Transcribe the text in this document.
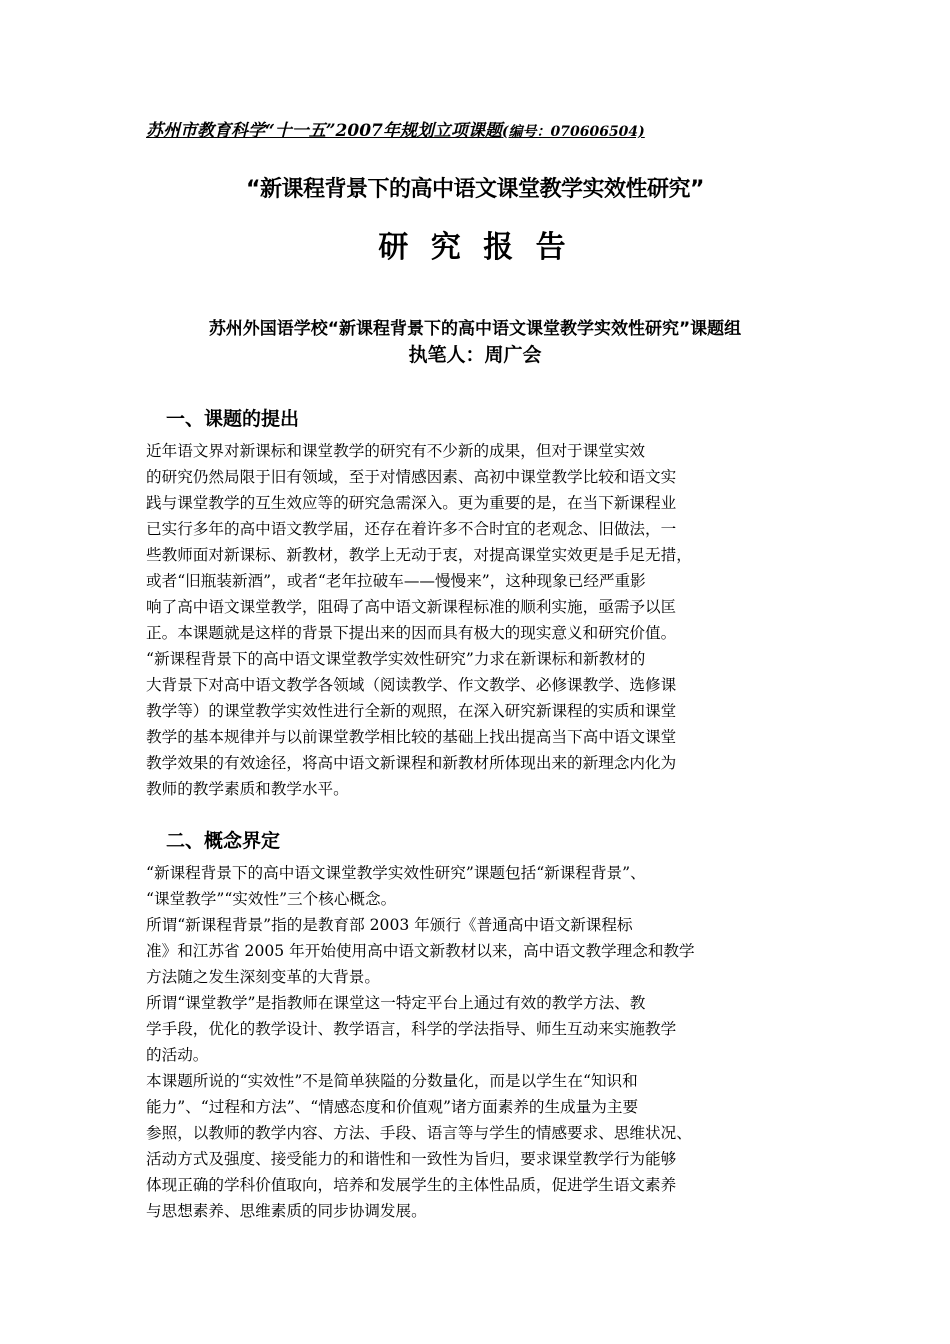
苏州市教育科学“十一五”2007年规划立项课题(编号：070606504)
“新课程背景下的高中语文课堂教学实效性研究”
研 究 报 告
苏州外国语学校“新课程背景下的高中语文课堂教学实效性研究”课题组
执笔人：周广会
一、课题的提出
近年语文界对新课标和课堂教学的研究有不少新的成果，但对于课堂实效
的研究仍然局限于旧有领域，至于对情感因素、高初中课堂教学比较和语文实
践与课堂教学的互生效应等的研究急需深入。更为重要的是，在当下新课程业
已实行多年的高中语文教学届，还存在着许多不合时宜的老观念、旧做法，一
些教师面对新课标、新教材，教学上无动于衷，对提高课堂实效更是手足无措，
或者“旧瓶装新酒”，或者“老年拉破车——慢慢来”，这种现象已经严重影
响了高中语文课堂教学，阻碍了高中语文新课程标准的顺利实施，亟需予以匡
正。本课题就是这样的背景下提出来的因而具有极大的现实意义和研究价值。
“新课程背景下的高中语文课堂教学实效性研究”力求在新课标和新教材的
大背景下对高中语文教学各领域（阅读教学、作文教学、必修课教学、选修课
教学等）的课堂教学实效性进行全新的观照，在深入研究新课程的实质和课堂
教学的基本规律并与以前课堂教学相比较的基础上找出提高当下高中语文课堂
教学效果的有效途径，将高中语文新课程和新教材所体现出来的新理念内化为
教师的教学素质和教学水平。
二、概念界定
“新课程背景下的高中语文课堂教学实效性研究”课题包括“新课程背景”、
“课堂教学”“实效性”三个核心概念。
所谓“新课程背景”指的是教育部 2003 年颁行《普通高中语文新课程标
准》和江苏省 2005 年开始使用高中语文新教材以来，高中语文教学理念和教学
方法随之发生深刻变革的大背景。
所谓“课堂教学”是指教师在课堂这一特定平台上通过有效的教学方法、教
学手段，优化的教学设计、教学语言，科学的学法指导、师生互动来实施教学
的活动。
本课题所说的“实效性”不是简单狭隘的分数量化，而是以学生在“知识和
能力”、“过程和方法”、“情感态度和价值观”诸方面素养的生成量为主要
参照，以教师的教学内容、方法、手段、语言等与学生的情感要求、思维状况、
活动方式及强度、接受能力的和谐性和一致性为旨归，要求课堂教学行为能够
体现正确的学科价值取向，培养和发展学生的主体性品质，促进学生语文素养
与思想素养、思维素质的同步协调发展。
